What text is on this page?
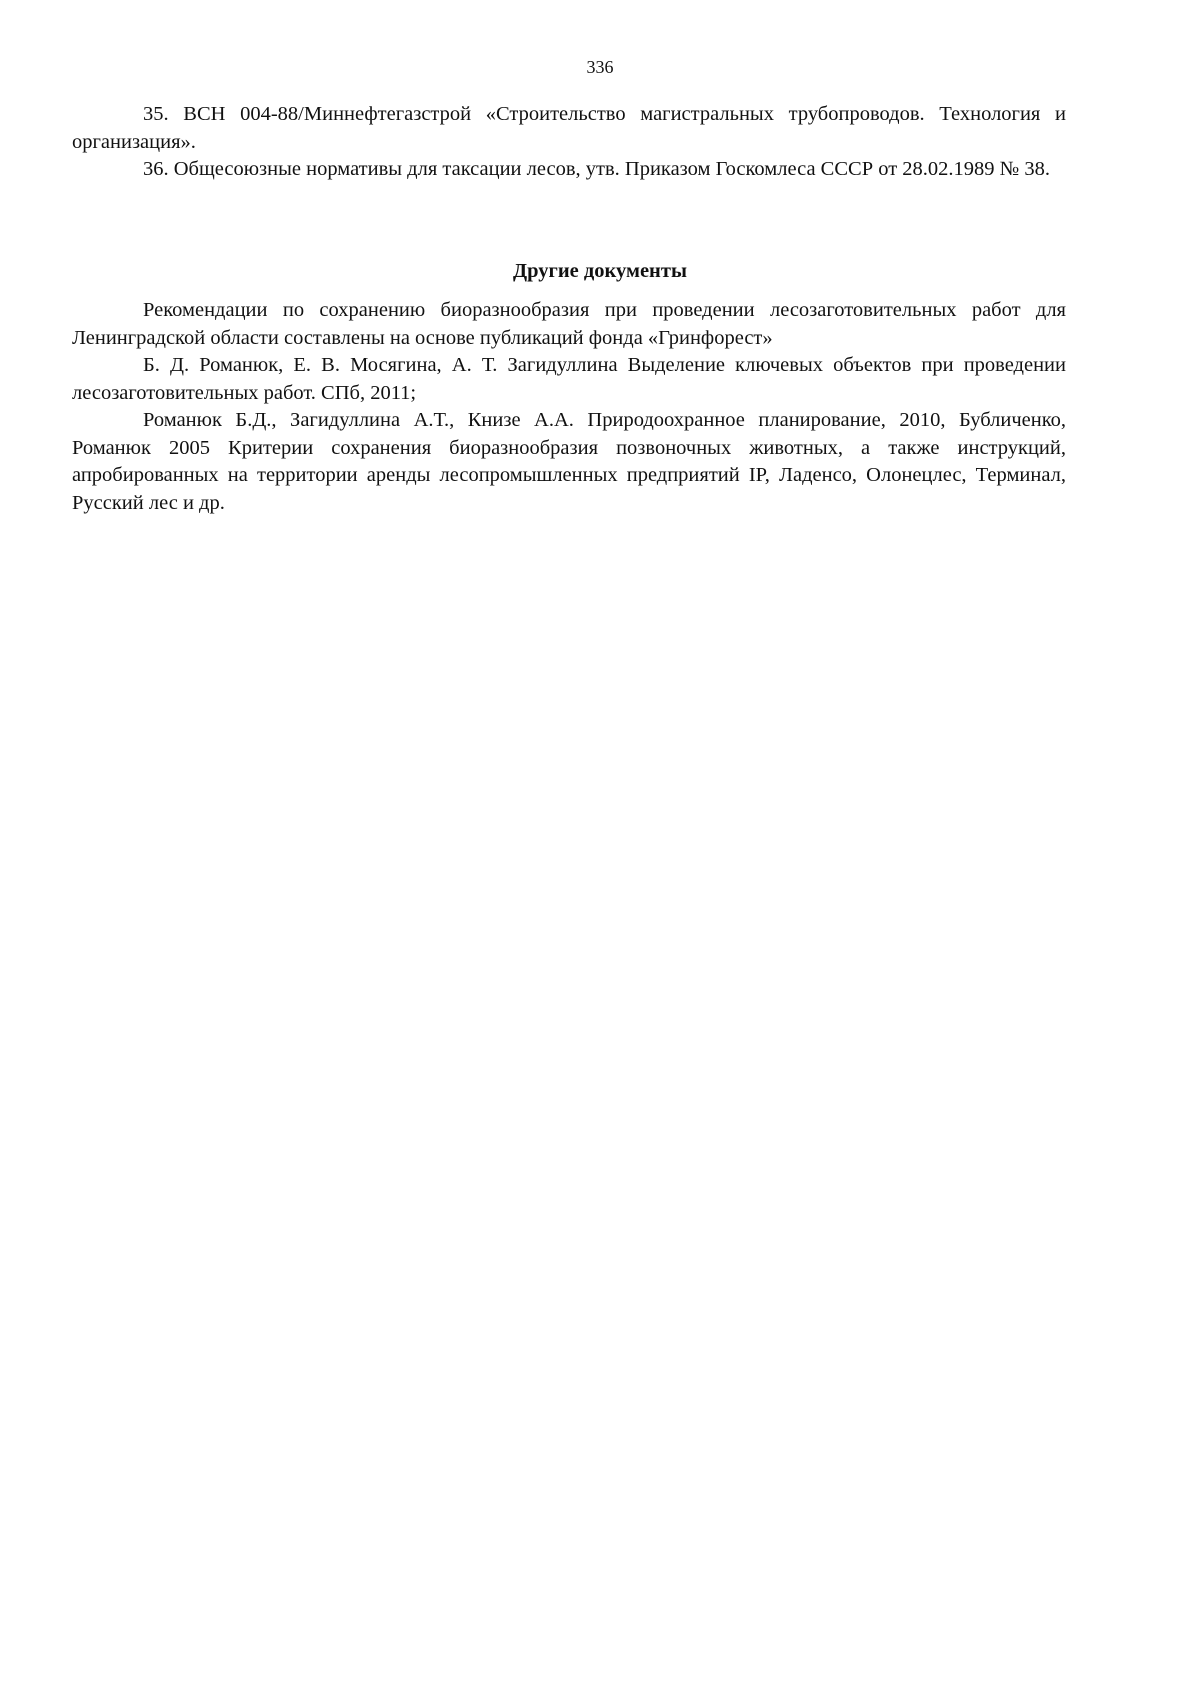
336

35. ВСН 004-88/Миннефтегазстрой «Строительство магистральных трубопроводов. Технология и организация».

36. Общесоюзные нормативы для таксации лесов, утв. Приказом Госкомлеса СССР от 28.02.1989 № 38.

Другие документы

Рекомендации по сохранению биоразнообразия при проведении лесозаготовительных работ для Ленинградской области составлены на основе публикаций фонда «Гринфорест»

Б. Д. Романюк, Е. В. Мосягина, А. Т. Загидуллина Выделение ключевых объектов при проведении лесозаготовительных работ. СПб, 2011;

Романюк Б.Д., Загидуллина А.Т., Книзе А.А. Природоохранное планирование, 2010, Бубличенко, Романюк 2005 Критерии сохранения биоразнообразия позвоночных животных, а также инструкций, апробированных на территории аренды лесопромышленных предприятий IP, Ладенсо, Олонецлес, Терминал, Русский лес и др.
